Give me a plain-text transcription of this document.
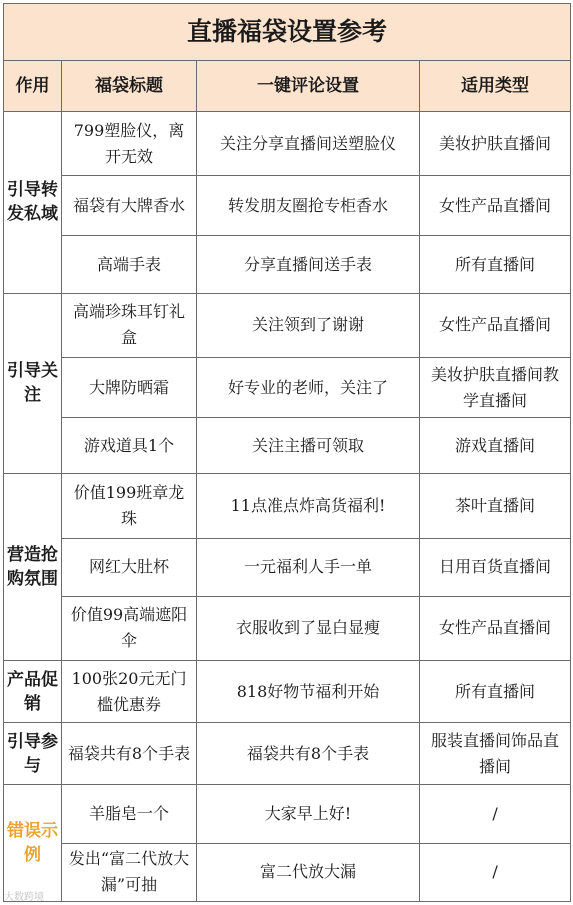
直播福袋设置参考			
作用	福袋标题	一键评论设置	适用类型
引导转发私域	799塑脸仪，离开无效	关注分享直播间送塑脸仪	美妆护肤直播间
	福袋有大牌香水	转发朋友圈抢专柜香水	女性产品直播间
	高端手表	分享直播间送手表	所有直播间
引导关注	高端珍珠耳钉礼盒	关注领到了谢谢	女性产品直播间
	大牌防晒霜	好专业的老师，关注了	美妆护肤直播间教学直播间
	游戏道具1个	关注主播可领取	游戏直播间
营造抢购氛围	价值199班章龙珠	11点准点炸高货福利!	茶叶直播间
	网红大肚杯	一元福利人手一单	日用百货直播间
	价值99高端遮阳伞	衣服收到了显白显瘦	女性产品直播间
产品促销	100张20元无门槛优惠券	818好物节福利开始	所有直播间
引导参与	福袋共有8个手表	福袋共有8个手表	服装直播间饰品直播间
错误示例	羊脂皂一个	大家早上好!	/
	发出“富二代放大漏”可抽	富二代放大漏	/
大数跨境
